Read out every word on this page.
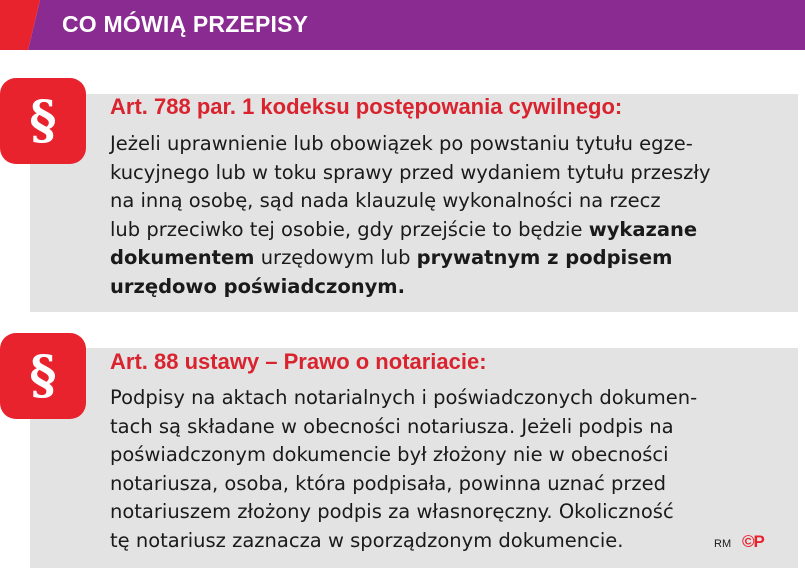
CO MÓWIĄ PRZEPISY
§ Art. 788 par. 1 kodeksu postępowania cywilnego:
Jeżeli uprawnienie lub obowiązek po powstaniu tytułu egze-
kucyjnego lub w toku sprawy przed wydaniem tytułu przeszły
na inną osobę, sąd nada klauzulę wykonalności na rzecz
lub przeciwko tej osobie, gdy przejście to będzie wykazane
dokumentem urzędowym lub prywatnym z podpisem
urzędowo poświadczonym.
§ Art. 88 ustawy – Prawo o notariacie:
Podpisy na aktach notarialnych i poświadczonych dokumen-
tach są składane w obecności notariusza. Jeżeli podpis na
poświadczonym dokumencie był złożony nie w obecności
notariusza, osoba, która podpisała, powinna uznać przed
notariuszem złożony podpis za własnoręczny. Okoliczność
tę notariusz zaznacza w sporządzonym dokumencie.	RM ©P
